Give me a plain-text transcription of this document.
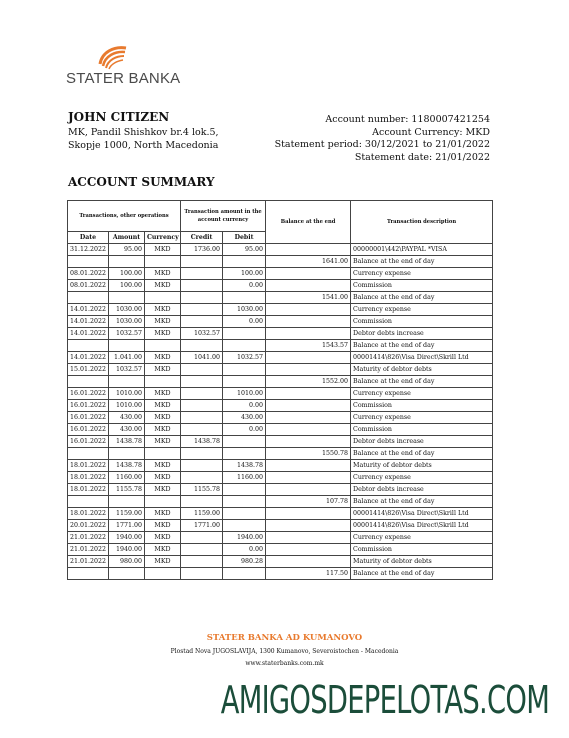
STATER BANKA
JOHN CITIZEN
MK, Pandil Shishkov br.4 lok.5,
Skopje 1000, North Macedonia
Account number: 1180007421254
Account Currency: MKD
Statement period: 30/12/2021 to 21/01/2022
Statement date: 21/01/2022
ACCOUNT SUMMARY
Transactions, other operations			Transaction amount in the account currency		Balance at the end	Transaction description
Date	Amount	Currency	Credit	Debit		
31.12.2022	95.00	MKD	1736.00	95.00		00000001\442\PAYPAL *VISA
					1641.00	Balance at the end of day
08.01.2022	100.00	MKD		100.00		Currency expense
08.01.2022	100.00	MKD		0.00		Commission
					1541.00	Balance at the end of day
14.01.2022	1030.00	MKD		1030.00		Currency expense
14.01.2022	1030.00	MKD		0.00		Commission
14.01.2022	1032.57	MKD	1032.57			Debtor debts increase
					1543.57	Balance at the end of day
14.01.2022	1.041.00	MKD	1041.00	1032.57		00001414\826\Visa Direct\Skrill Ltd
15.01.2022	1032.57	MKD				Maturity of debtor debts
					1552.00	Balance at the end of day
16.01.2022	1010.00	MKD		1010.00		Currency expense
16.01.2022	1010.00	MKD		0.00		Commission
16.01.2022	430.00	MKD		430.00		Currency expense
16.01.2022	430.00	MKD		0.00		Commission
16.01.2022	1438.78	MKD	1438.78			Debtor debts increase
					1550.78	Balance at the end of day
18.01.2022	1438.78	MKD		1438.78		Maturity of debtor debts
18.01.2022	1160.00	MKD		1160.00		Currency expense
18.01.2022	1155.78	MKD	1155.78			Debtor debts increase
					107.78	Balance at the end of day
18.01.2022	1159.00	MKD	1159.00			00001414\826\Visa Direct\Skrill Ltd
20.01.2022	1771.00	MKD	1771.00			00001414\826\Visa Direct\Skrill Ltd
21.01.2022	1940.00	MKD		1940.00		Currency expense
21.01.2022	1940.00	MKD		0.00		Commission
21.01.2022	980.00	MKD		980.28		Maturity of debtor debts
					117.50	Balance at the end of day
STATER BANKA AD KUMANOVO
Plostad Nova JUGOSLAVIJA, 1300 Kumanovo, Severoistochen - Macedonia
www.staterbanks.com.mk
AMIGOSDEPELOTAS.COM
